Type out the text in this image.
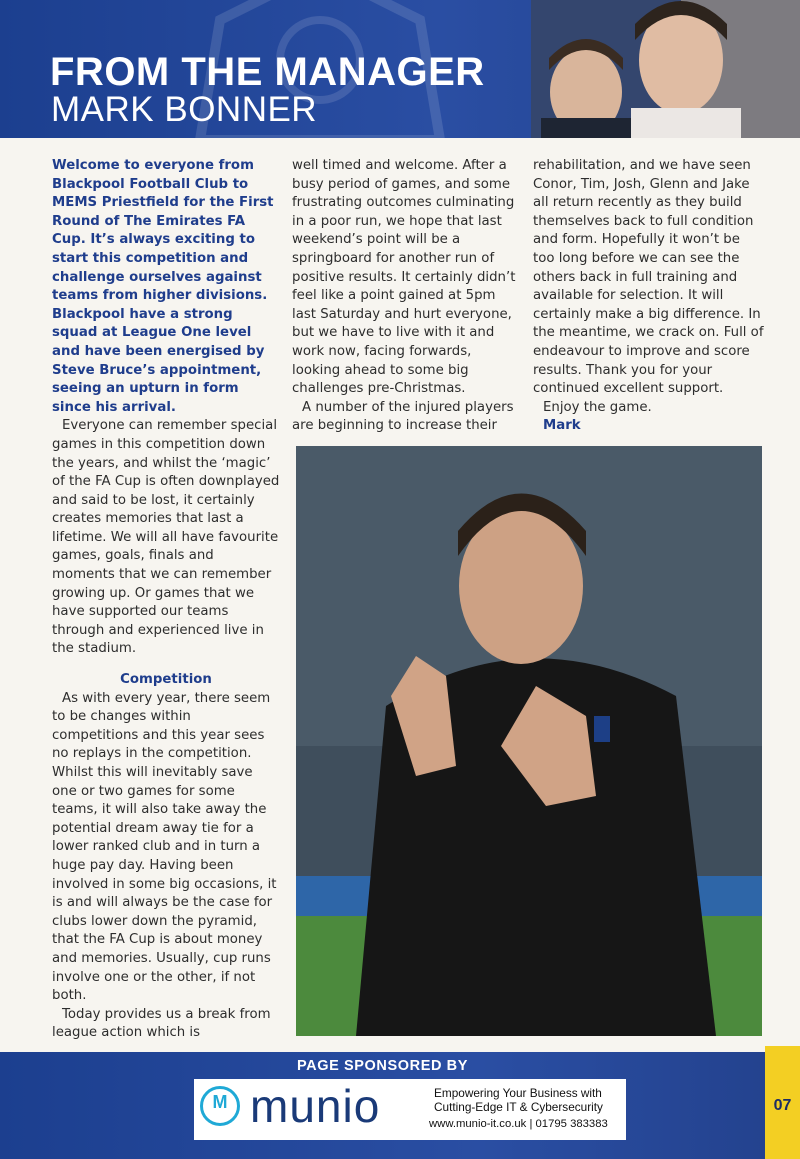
FROM THE MANAGER
MARK BONNER

Welcome to everyone from Blackpool Football Club to MEMS Priestfield for the First Round of The Emirates FA Cup. It’s always exciting to start this competition and challenge ourselves against teams from higher divisions. Blackpool have a strong squad at League One level and have been energised by Steve Bruce’s appointment, seeing an upturn in form since his arrival.

Everyone can remember special games in this competition down the years, and whilst the ‘magic’ of the FA Cup is often downplayed and said to be lost, it certainly creates memories that last a lifetime. We will all have favourite games, goals, finals and moments that we can remember growing up. Or games that we have supported our teams through and experienced live in the stadium.

Competition

As with every year, there seem to be changes within competitions and this year sees no replays in the competition. Whilst this will inevitably save one or two games for some teams, it will also take away the potential dream away tie for a lower ranked club and in turn a huge pay day. Having been involved in some big occasions, it is and will always be the case for clubs lower down the pyramid, that the FA Cup is about money and memories. Usually, cup runs involve one or the other, if not both.

Today provides us a break from league action which is

well timed and welcome. After a busy period of games, and some frustrating outcomes culminating in a poor run, we hope that last weekend’s point will be a springboard for another run of positive results. It certainly didn’t feel like a point gained at 5pm last Saturday and hurt everyone, but we have to live with it and work now, facing forwards, looking ahead to some big challenges pre-Christmas.

A number of the injured players are beginning to increase their

rehabilitation, and we have seen Conor, Tim, Josh, Glenn and Jake all return recently as they build themselves back to full condition and form. Hopefully it won’t be too long before we can see the others back in full training and available for selection. It will certainly make a big difference. In the meantime, we crack on. Full of endeavour to improve and score results. Thank you for your continued excellent support.

Enjoy the game.

Mark

PAGE SPONSORED BY
M munio	Empowering Your Business with Cutting-Edge IT & Cybersecurity
www.munio-it.co.uk | 01795 383383
07
